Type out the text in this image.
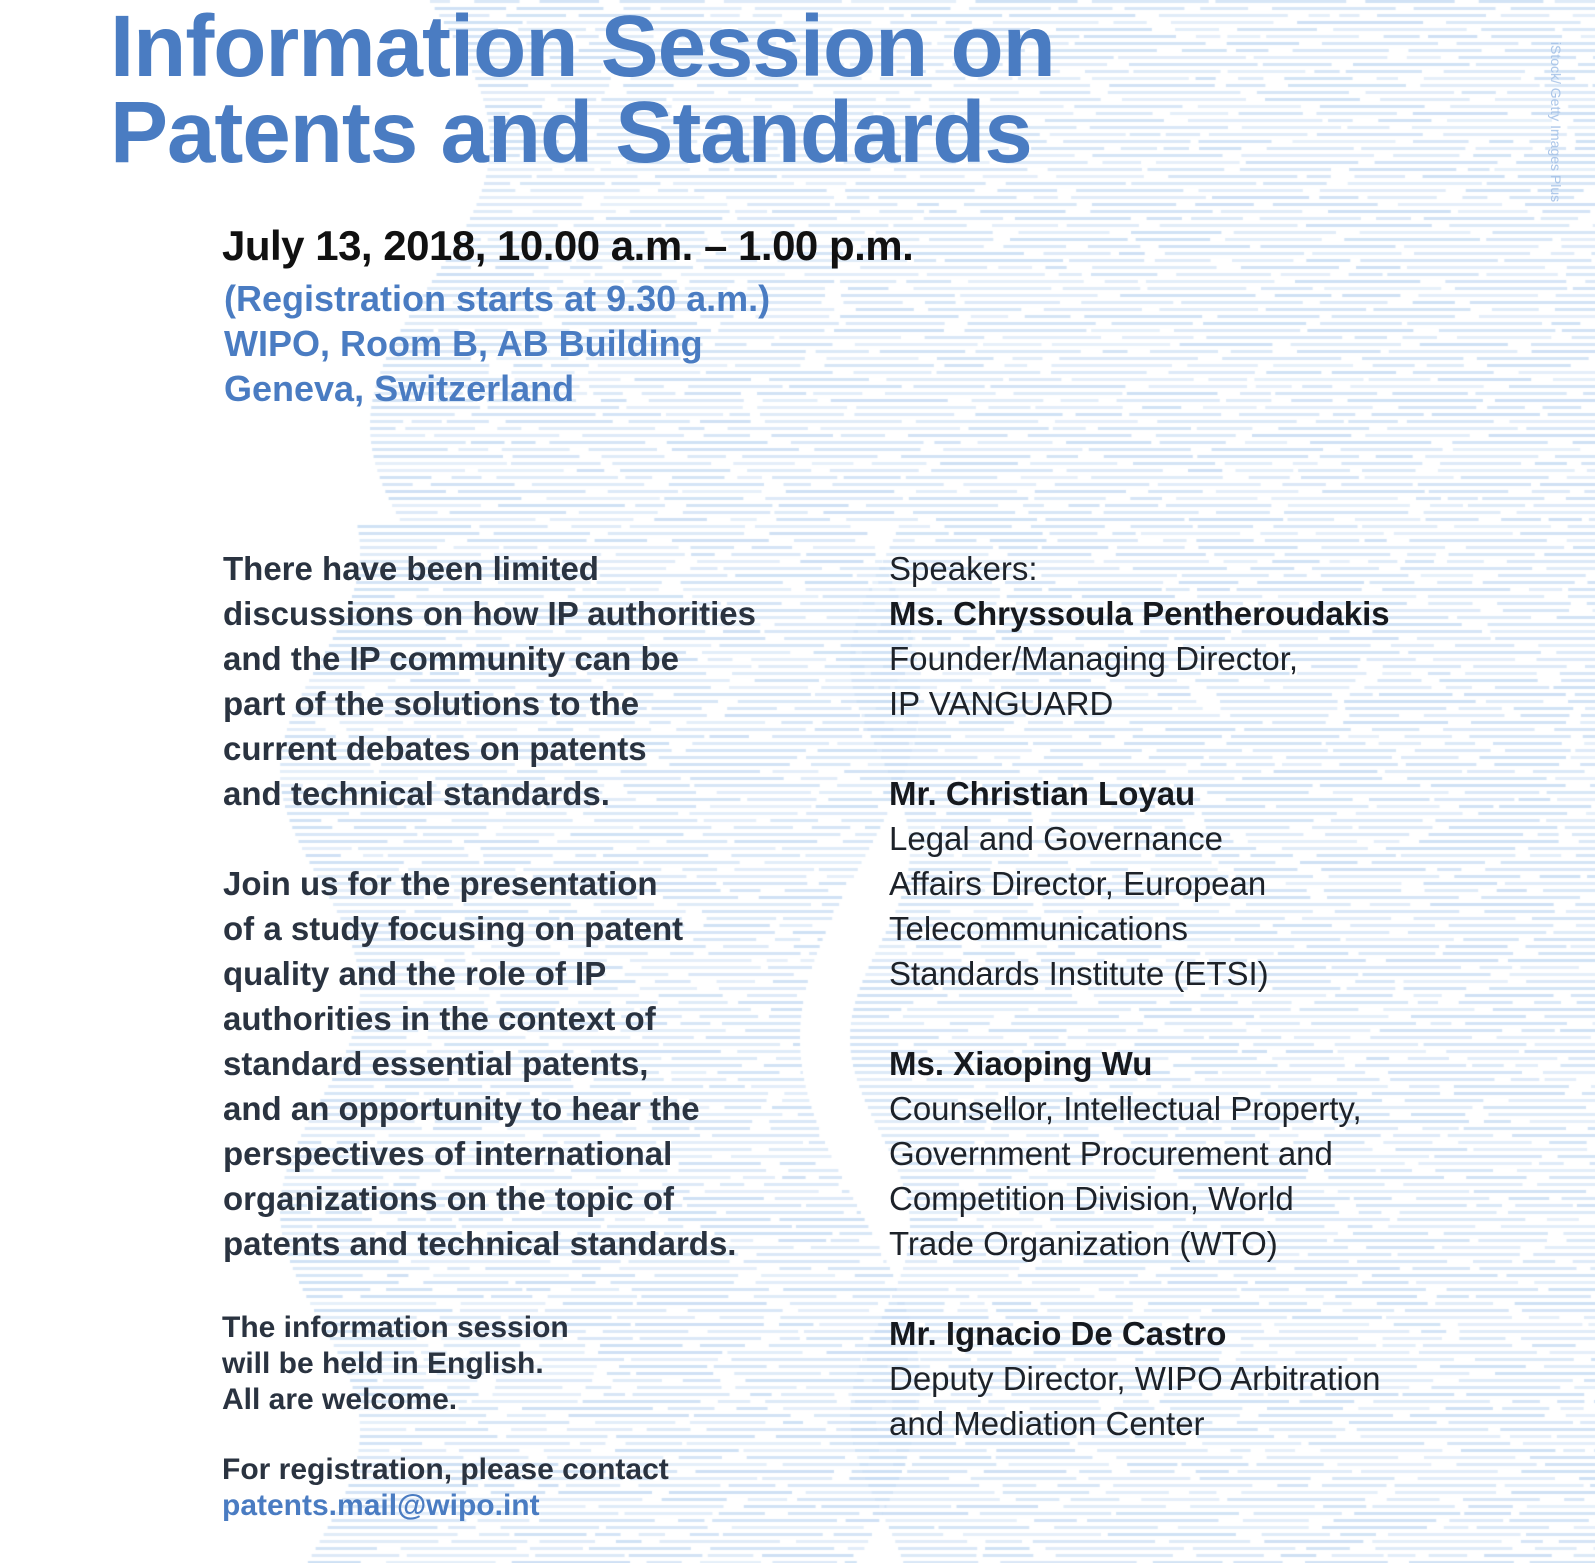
iStock/ Getty Images Plus
Information Session on
Patents and Standards
July 13, 2018, 10.00 a.m. – 1.00 p.m.
(Registration starts at 9.30 a.m.)
WIPO, Room B, AB Building
Geneva, Switzerland
There have been limited
discussions on how IP authorities
and the IP community can be
part of the solutions to the
current debates on patents
and technical standards.
Join us for the presentation
of a study focusing on patent
quality and the role of IP
authorities in the context of
standard essential patents,
and an opportunity to hear the
perspectives of international
organizations on the topic of
patents and technical standards.
The information session
will be held in English.
All are welcome.
For registration, please contact
patents.mail@wipo.int
Speakers:
Ms. Chryssoula Pentheroudakis
Founder/Managing Director,
IP VANGUARD
Mr. Christian Loyau
Legal and Governance
Affairs Director, European
Telecommunications
Standards Institute (ETSI)
Ms. Xiaoping Wu
Counsellor, Intellectual Property,
Government Procurement and
Competition Division, World
Trade Organization (WTO)
Mr. Ignacio De Castro
Deputy Director, WIPO Arbitration
and Mediation Center
